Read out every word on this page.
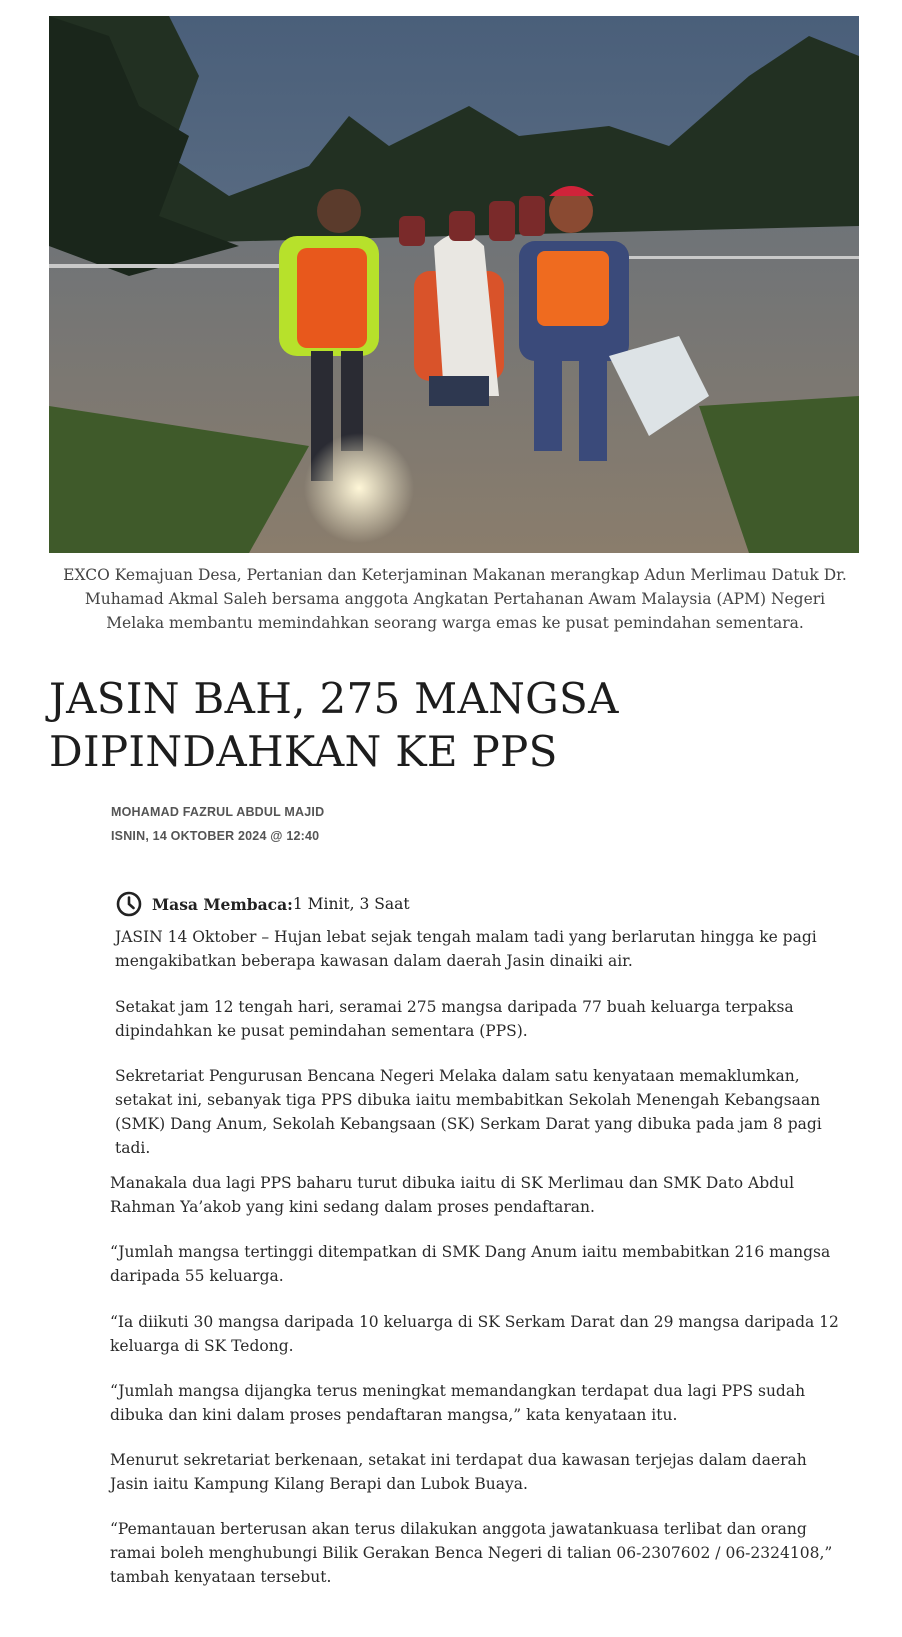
EXCO Kemajuan Desa, Pertanian dan Keterjaminan Makanan merangkap Adun Merlimau Datuk Dr. Muhamad Akmal Saleh bersama anggota Angkatan Pertahanan Awam Malaysia (APM) Negeri Melaka membantu memindahkan seorang warga emas ke pusat pemindahan sementara.
JASIN BAH, 275 MANGSA
DIPINDAHKAN KE PPS
MOHAMAD FAZRUL ABDUL MAJID
ISNIN, 14 OKTOBER 2024 @ 12:40
Masa Membaca: 1 Minit, 3 Saat

JASIN 14 Oktober – Hujan lebat sejak tengah malam tadi yang berlarutan hingga ke pagi mengakibatkan beberapa kawasan dalam daerah Jasin dinaiki air.

Setakat jam 12 tengah hari, seramai 275 mangsa daripada 77 buah keluarga terpaksa dipindahkan ke pusat pemindahan sementara (PPS).

Sekretariat Pengurusan Bencana Negeri Melaka dalam satu kenyataan memaklumkan, setakat ini, sebanyak tiga PPS dibuka iaitu membabitkan Sekolah Menengah Kebangsaan (SMK) Dang Anum, Sekolah Kebangsaan (SK) Serkam Darat yang dibuka pada jam 8 pagi tadi.

Manakala dua lagi PPS baharu turut dibuka iaitu di SK Merlimau dan SMK Dato Abdul Rahman Ya’akob yang kini sedang dalam proses pendaftaran.

“Jumlah mangsa tertinggi ditempatkan di SMK Dang Anum iaitu membabitkan 216 mangsa daripada 55 keluarga.

“Ia diikuti 30 mangsa daripada 10 keluarga di SK Serkam Darat dan 29 mangsa daripada 12 keluarga di SK Tedong.

“Jumlah mangsa dijangka terus meningkat memandangkan terdapat dua lagi PPS sudah dibuka dan kini dalam proses pendaftaran mangsa,” kata kenyataan itu.

Menurut sekretariat berkenaan, setakat ini terdapat dua kawasan terjejas dalam daerah Jasin iaitu Kampung Kilang Berapi dan Lubok Buaya.

“Pemantauan berterusan akan terus dilakukan anggota jawatankuasa terlibat dan orang ramai boleh menghubungi Bilik Gerakan Benca Negeri di talian 06-2307602 / 06-2324108,” tambah kenyataan tersebut.
